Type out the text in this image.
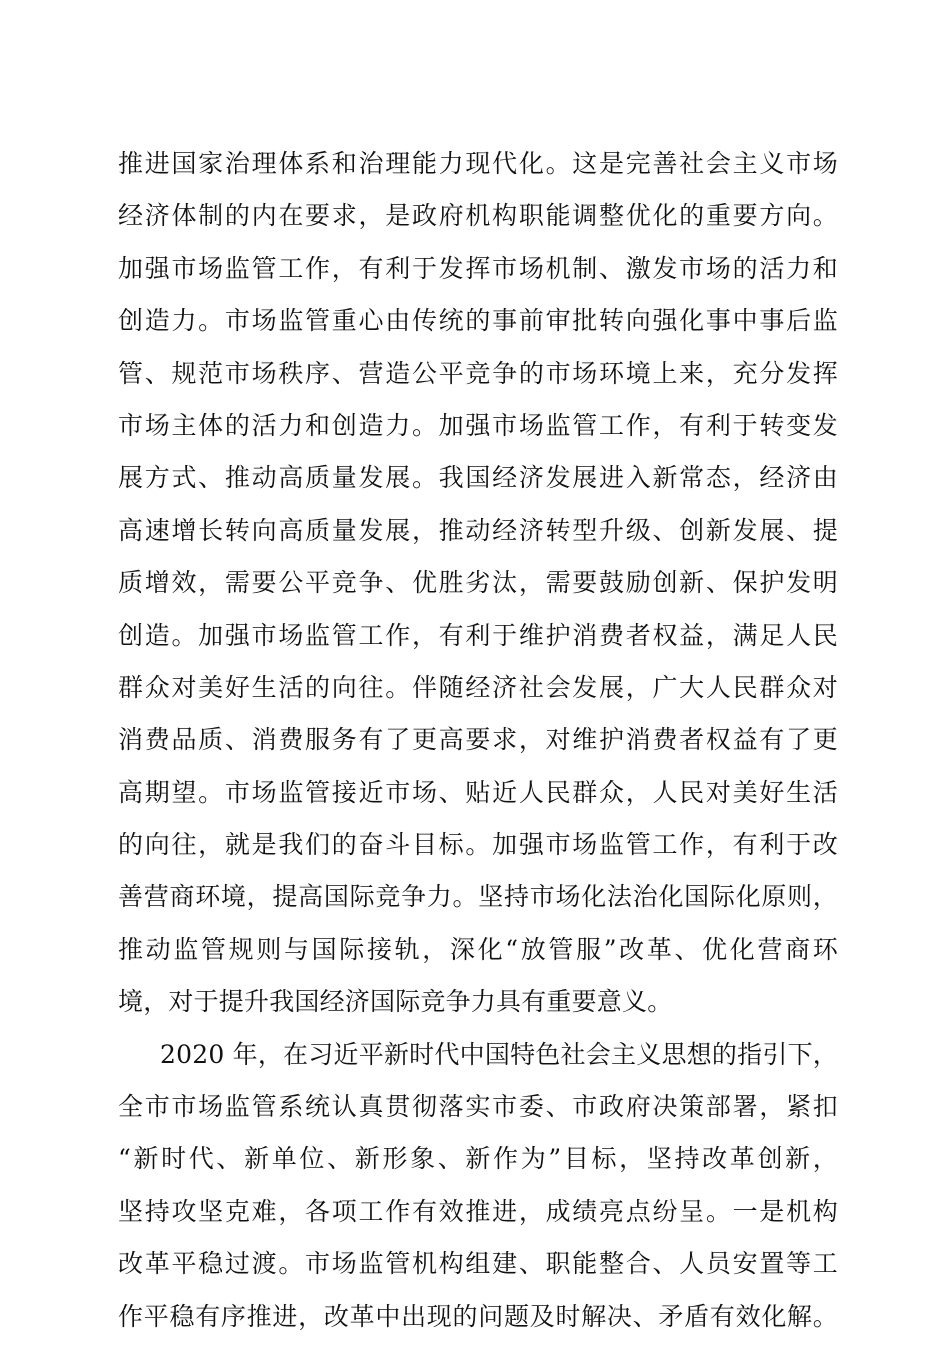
推进国家治理体系和治理能力现代化。这是完善社会主义市场
经济体制的内在要求，是政府机构职能调整优化的重要方向。
加强市场监管工作，有利于发挥市场机制、激发市场的活力和
创造力。市场监管重心由传统的事前审批转向强化事中事后监
管、规范市场秩序、营造公平竞争的市场环境上来，充分发挥
市场主体的活力和创造力。加强市场监管工作，有利于转变发
展方式、推动高质量发展。我国经济发展进入新常态，经济由
高速增长转向高质量发展，推动经济转型升级、创新发展、提
质增效，需要公平竞争、优胜劣汰，需要鼓励创新、保护发明
创造。加强市场监管工作，有利于维护消费者权益，满足人民
群众对美好生活的向往。伴随经济社会发展，广大人民群众对
消费品质、消费服务有了更高要求，对维护消费者权益有了更
高期望。市场监管接近市场、贴近人民群众，人民对美好生活
的向往，就是我们的奋斗目标。加强市场监管工作，有利于改
善营商环境，提高国际竞争力。坚持市场化法治化国际化原则，
推动监管规则与国际接轨，深化“放管服”改革、优化营商环
境，对于提升我国经济国际竞争力具有重要意义。
2020 年，在习近平新时代中国特色社会主义思想的指引下，
全市市场监管系统认真贯彻落实市委、市政府决策部署，紧扣
“新时代、新单位、新形象、新作为”目标，坚持改革创新，
坚持攻坚克难，各项工作有效推进，成绩亮点纷呈。一是机构
改革平稳过渡。市场监管机构组建、职能整合、人员安置等工
作平稳有序推进，改革中出现的问题及时解决、矛盾有效化解。
